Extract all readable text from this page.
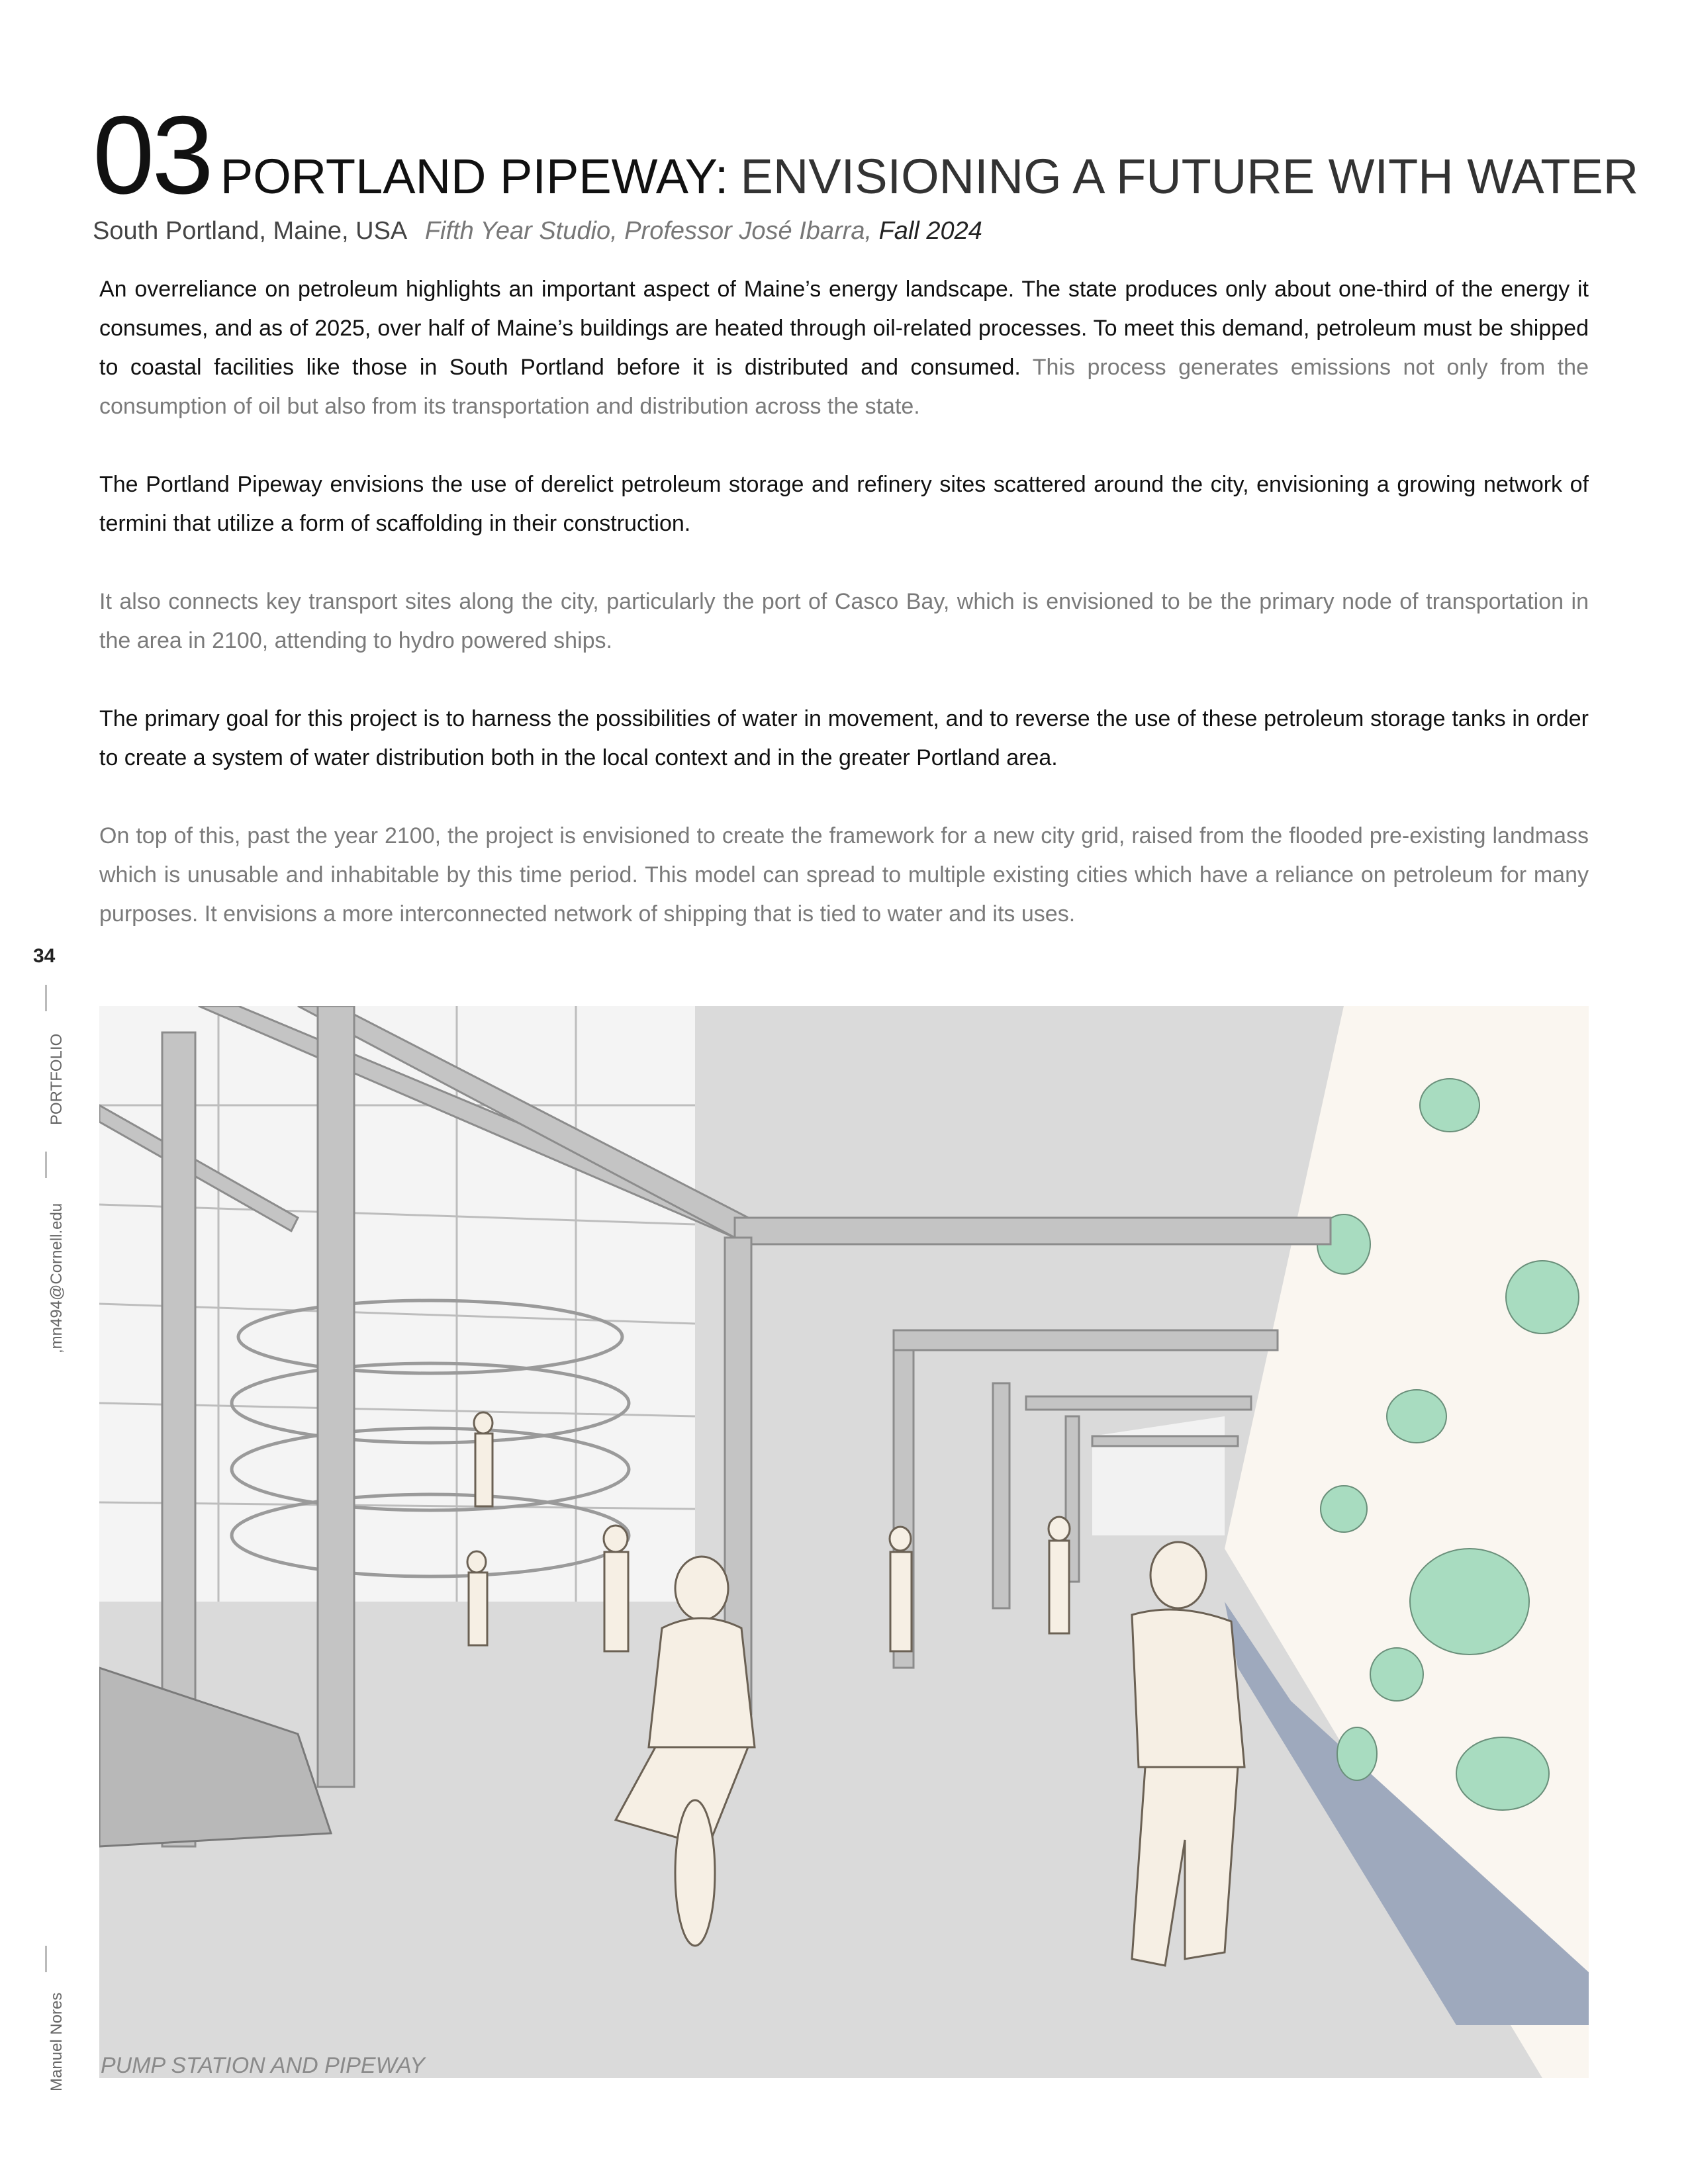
03 PORTLAND PIPEWAY: ENVISIONING A FUTURE WITH WATER
South Portland, Maine, USA Fifth Year Studio, Professor José Ibarra, Fall 2024

An overreliance on petroleum highlights an important aspect of Maine’s energy landscape. The state produces only about one-third of the energy it consumes, and as of 2025, over half of Maine’s buildings are heated through oil-related processes. To meet this demand, petroleum must be shipped to coastal facilities like those in South Portland before it is distributed and consumed. This process generates emissions not only from the consumption of oil but also from its transportation and distribution across the state.

The Portland Pipeway envisions the use of derelict petroleum storage and refinery sites scattered around the city, envisioning a growing network of termini that utilize a form of scaffolding in their construction.

It also connects key transport sites along the city, particularly the port of Casco Bay, which is envisioned to be the primary node of transportation in the area in 2100, attending to hydro powered ships.

The primary goal for this project is to harness the possibilities of water in movement, and to reverse the use of these petroleum storage tanks in order to create a system of water distribution both in the local context and in the greater Portland area.

On top of this, past the year 2100, the project is envisioned to create the framework for a new city grid, raised from the flooded pre-existing landmass which is unusable and inhabitable by this time period. This model can spread to multiple existing cities which have a reliance on petroleum for many purposes. It envisions a more interconnected network of shipping that is tied to water and its uses.

34
PORTFOLIO
,mn494@Cornell.edu
Manuel Nores PUMP STATION AND PIPEWAY
